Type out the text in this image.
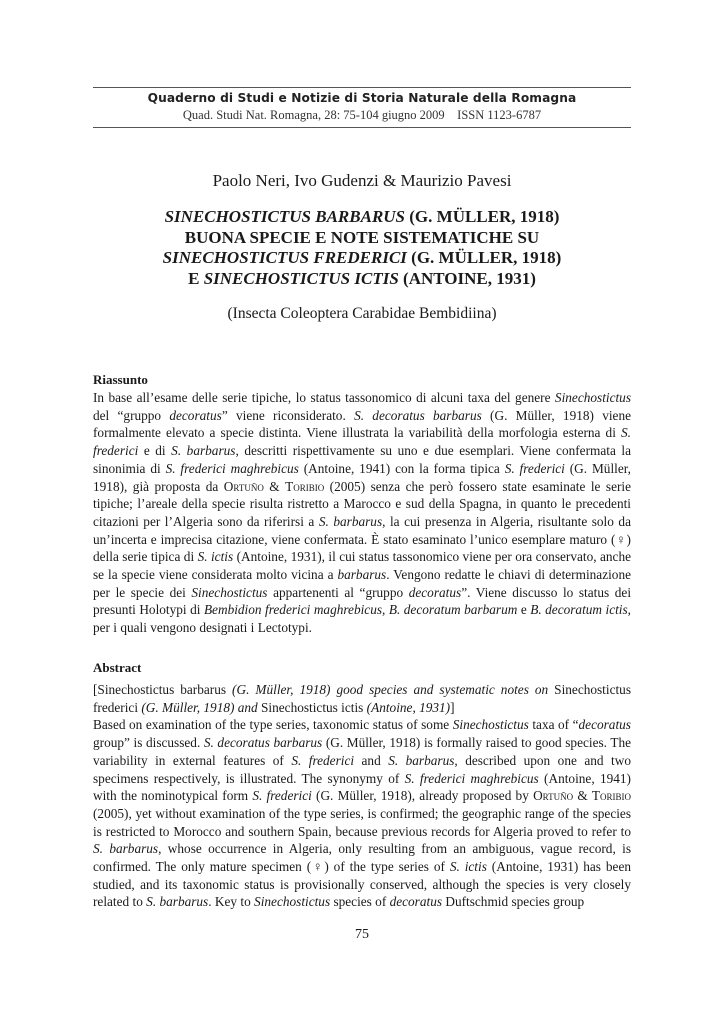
Quaderno di Studi e Notizie di Storia Naturale della Romagna
Quad. Studi Nat. Romagna, 28: 75-104 giugno 2009    ISSN 1123-6787
Paolo Neri, Ivo Gudenzi & Maurizio Pavesi
SINECHOSTICTUS BARBARUS (G. MÜLLER, 1918)
BUONA SPECIE E NOTE SISTEMATICHE SU
SINECHOSTICTUS FREDERICI (G. MÜLLER, 1918)
E SINECHOSTICTUS ICTIS (ANTOINE, 1931)
(Insecta Coleoptera Carabidae Bembidiina)
Riassunto

In base all’esame delle serie tipiche, lo status tassonomico di alcuni taxa del genere Sinechostictus del “gruppo decoratus” viene riconsiderato. S. decoratus barbarus (G. Müller, 1918) viene formalmente elevato a specie distinta. Viene illustrata la variabilità della morfologia esterna di S. frederici e di S. barbarus, descritti rispettivamente su uno e due esemplari. Viene confermata la sinonimia di S. frederici maghrebicus (Antoine, 1941) con la forma tipica S. frederici (G. Müller, 1918), già proposta da Ortuño & Toribio (2005) senza che però fossero state esaminate le serie tipiche; l’areale della specie risulta ristretto a Marocco e sud della Spagna, in quanto le precedenti citazioni per l’Algeria sono da riferirsi a S. barbarus, la cui presenza in Algeria, risultante solo da un’incerta e imprecisa citazione, viene confermata. È stato esaminato l’unico esemplare maturo (♀) della serie tipica di S. ictis (Antoine, 1931), il cui status tassonomico viene per ora conservato, anche se la specie viene considerata molto vicina a barbarus. Vengono redatte le chiavi di determinazione per le specie dei Sinechostictus appartenenti al “gruppo decoratus”. Viene discusso lo status dei presunti Holotypi di Bembidion frederici maghrebicus, B. decoratum barbarum e B. decoratum ictis, per i quali vengono designati i Lectotypi.

Abstract

[Sinechostictus barbarus (G. Müller, 1918) good species and systematic notes on Sinechostictus frederici (G. Müller, 1918) and Sinechostictus ictis (Antoine, 1931)]
Based on examination of the type series, taxonomic status of some Sinechostictus taxa of “decoratus group” is discussed. S. decoratus barbarus (G. Müller, 1918) is formally raised to good species. The variability in external features of S. frederici and S. barbarus, described upon one and two specimens respectively, is illustrated. The synonymy of S. frederici maghrebicus (Antoine, 1941) with the nominotypical form S. frederici (G. Müller, 1918), already proposed by Ortuño & Toribio (2005), yet without examination of the type series, is confirmed; the geographic range of the species is restricted to Morocco and southern Spain, because previous records for Algeria proved to refer to S. barbarus, whose occurrence in Algeria, only resulting from an ambiguous, vague record, is confirmed. The only mature specimen (♀) of the type series of S. ictis (Antoine, 1931) has been studied, and its taxonomic status is provisionally conserved, although the species is very closely related to S. barbarus. Key to Sinechostictus species of decoratus Duftschmid species group

75
